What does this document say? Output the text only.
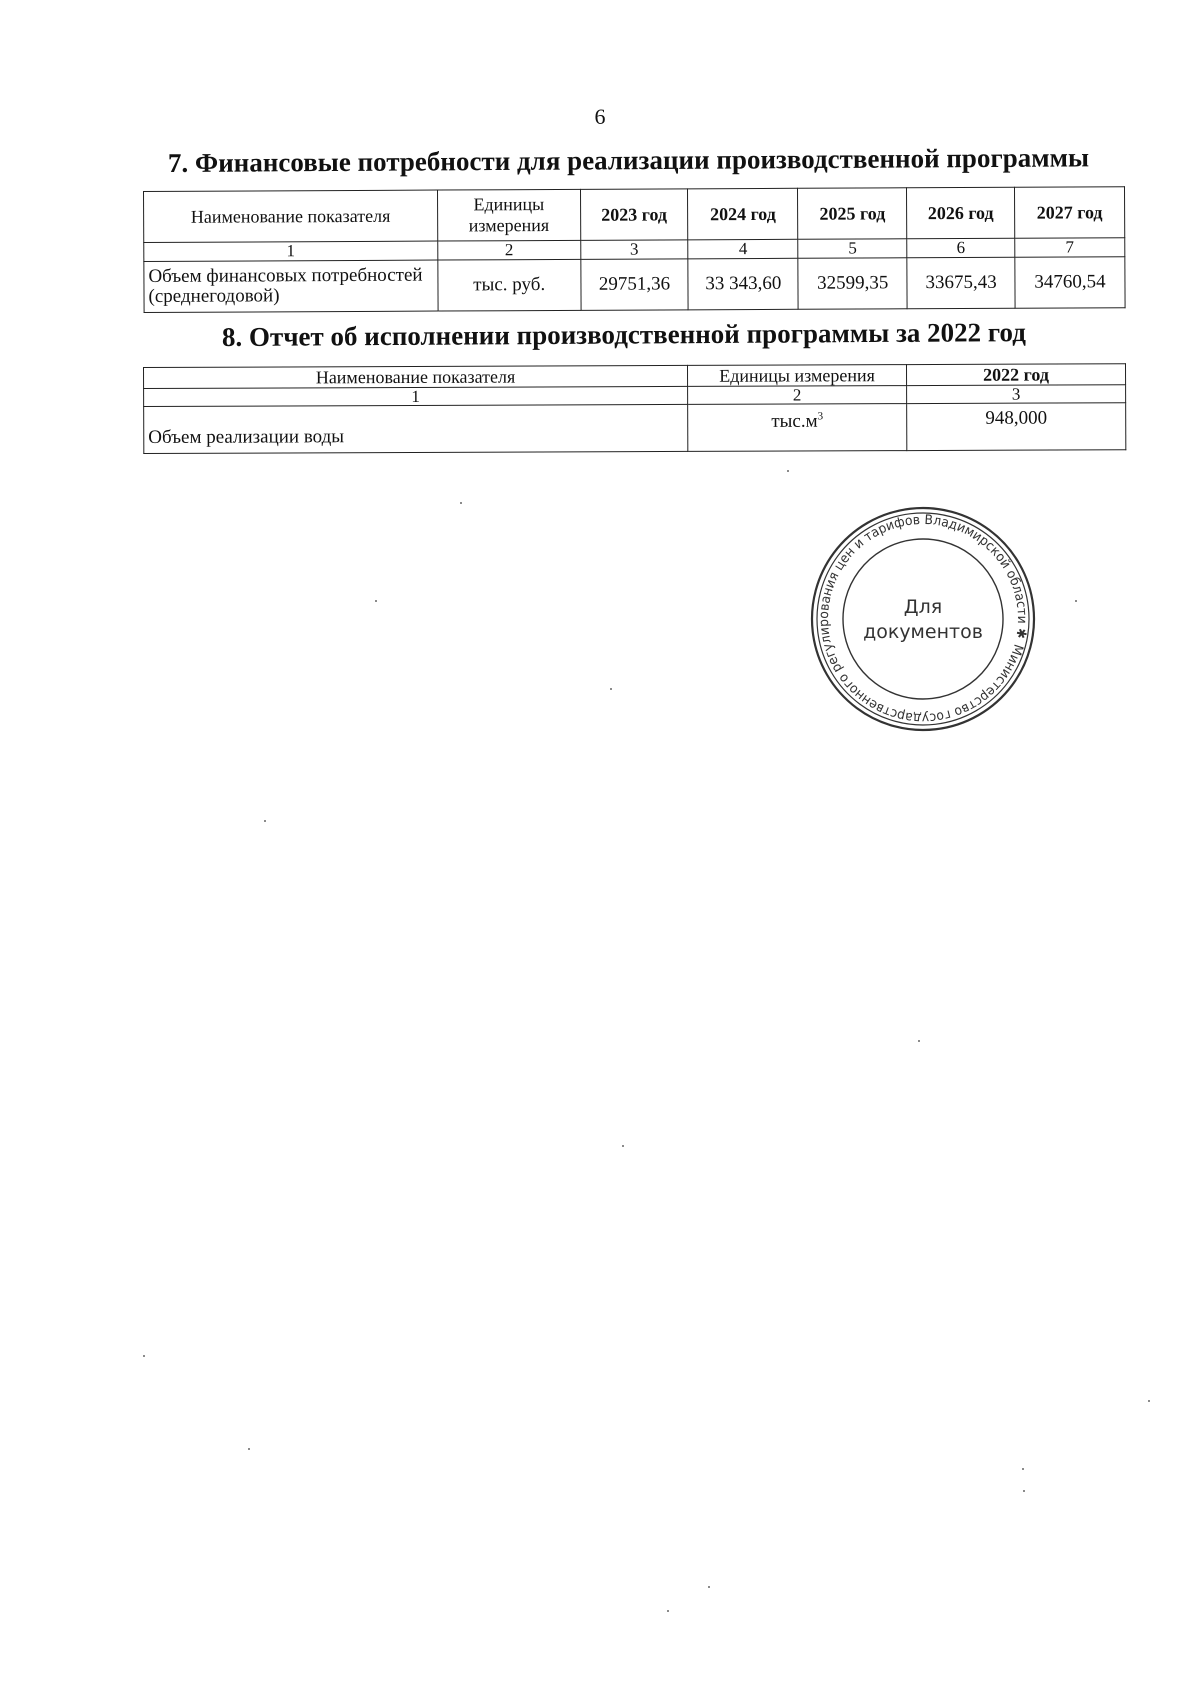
6
7. Финансовые потребности для реализации производственной программы
Наименование показателя	Единицы измерения	2023 год	2024 год	2025 год	2026 год	2027 год
1	2	3	4	5	6	7
Объем финансовых потребностей (среднегодовой)	тыс. руб.	29751,36	33 343,60	32599,35	33675,43	34760,54
8. Отчет об исполнении производственной программы за 2022 год
Наименование показателя	Единицы измерения	2022 год
1	2	3
Объем реализации воды	$тыс.м^3$	948,000
Министерство государственного регулирования цен и тарифов Владимирской области ✱
Для
документов
